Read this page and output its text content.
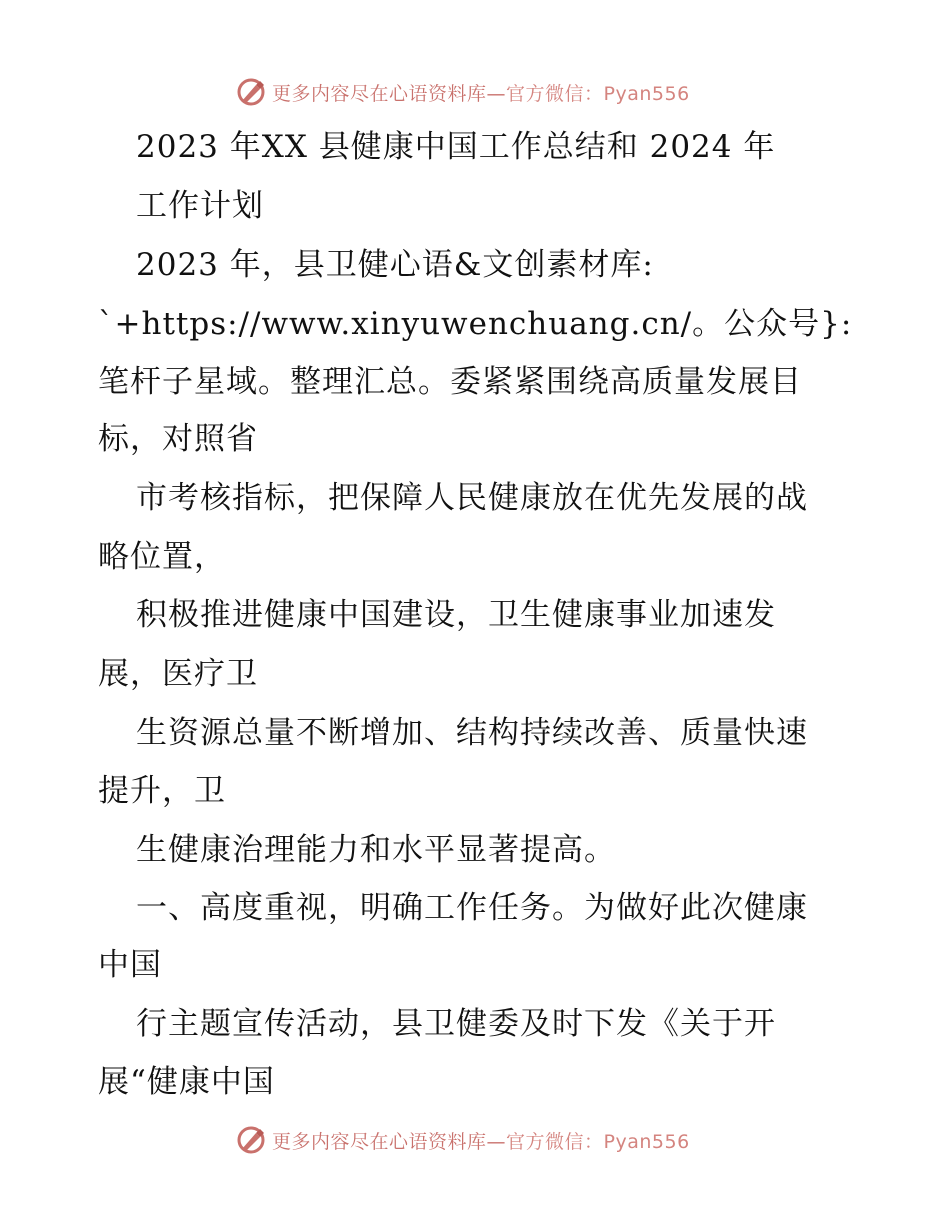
更多内容尽在心语资料库—官方微信：Pyan556
2023 年XX 县健康中国工作总结和 2024 年
工作计划
2023 年，县卫健心语&文创素材库:
`+https://www.xinyuwenchuang.cn/。公众号}:
笔杆子星域。整理汇总。委紧紧围绕高质量发展目
标，对照省
市考核指标，把保障人民健康放在优先发展的战
略位置，
积极推进健康中国建设，卫生健康事业加速发
展，医疗卫
生资源总量不断增加、结构持续改善、质量快速
提升，卫
生健康治理能力和水平显著提高。
一、高度重视，明确工作任务。为做好此次健康
中国
行主题宣传活动，县卫健委及时下发《关于开
展“健康中国
更多内容尽在心语资料库—官方微信：Pyan556
